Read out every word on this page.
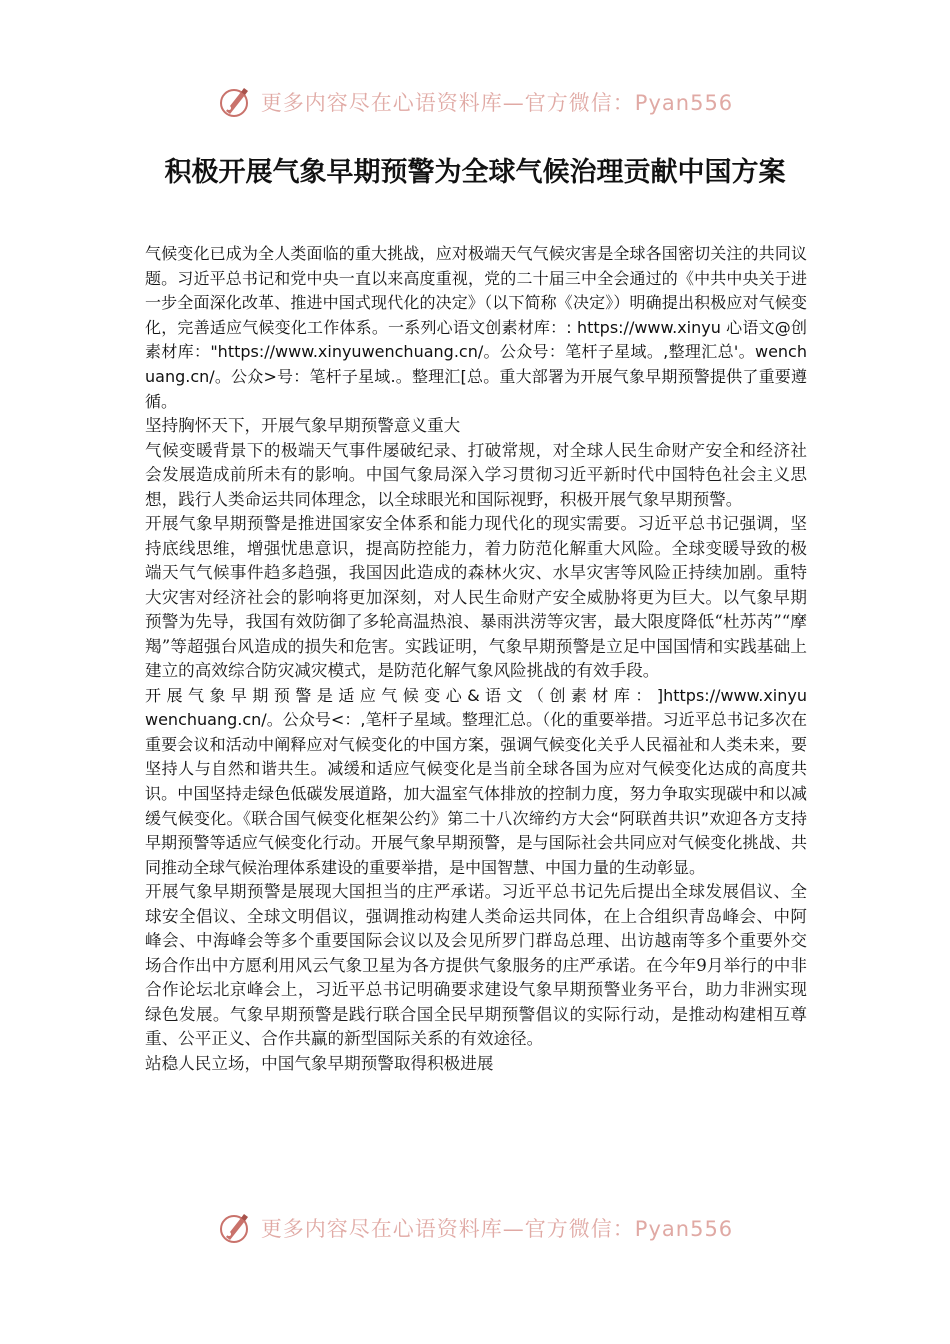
更多内容尽在心语资料库—官方微信：Pyan556
积极开展气象早期预警为全球气候治理贡献中国方案

气候变化已成为全人类面临的重大挑战，应对极端天气气候灾害是全球各国密切关注的共同议题。习近平总书记和党中央一直以来高度重视，党的二十届三中全会通过的《中共中央关于进一步全面深化改革、推进中国式现代化的决定》（以下简称《决定》）明确提出积极应对气候变化，完善适应气候变化工作体系。一系列心语文创素材库：: https://www.xinyu 心语文@创素材库："https://www.xinyuwenchuang.cn/。公众号：笔杆子星域。,整理汇总'。wenchuang.cn/。公众>号：笔杆子星域.。整理汇[总。重大部署为开展气象早期预警提供了重要遵循。

坚持胸怀天下，开展气象早期预警意义重大

气候变暖背景下的极端天气事件屡破纪录、打破常规，对全球人民生命财产安全和经济社会发展造成前所未有的影响。中国气象局深入学习贯彻习近平新时代中国特色社会主义思想，践行人类命运共同体理念，以全球眼光和国际视野，积极开展气象早期预警。

开展气象早期预警是推进国家安全体系和能力现代化的现实需要。习近平总书记强调，坚持底线思维，增强忧患意识，提高防控能力，着力防范化解重大风险。全球变暖导致的极端天气气候事件趋多趋强，我国因此造成的森林火灾、水旱灾害等风险正持续加剧。重特大灾害对经济社会的影响将更加深刻，对人民生命财产安全威胁将更为巨大。以气象早期预警为先导，我国有效防御了多轮高温热浪、暴雨洪涝等灾害，最大限度降低“杜苏芮”“摩羯”等超强台风造成的损失和危害。实践证明，气象早期预警是立足中国国情和实践基础上建立的高效综合防灾减灾模式，是防范化解气象风险挑战的有效手段。

开 展 气 象 早 期 预 警 是 适 应 气 候 变 心 & 语 文 （ 创 素 材 库 ： ]https://www.xinyuwenchuang.cn/。公众号<：,笔杆子星域。整理汇总。（化的重要举措。习近平总书记多次在重要会议和活动中阐释应对气候变化的中国方案，强调气候变化关乎人民福祉和人类未来，要坚持人与自然和谐共生。减缓和适应气候变化是当前全球各国为应对气候变化达成的高度共识。中国坚持走绿色低碳发展道路，加大温室气体排放的控制力度，努力争取实现碳中和以减缓气候变化。《联合国气候变化框架公约》第二十八次缔约方大会“阿联酋共识”欢迎各方支持早期预警等适应气候变化行动。开展气象早期预警，是与国际社会共同应对气候变化挑战、共同推动全球气候治理体系建设的重要举措，是中国智慧、中国力量的生动彰显。

开展气象早期预警是展现大国担当的庄严承诺。习近平总书记先后提出全球发展倡议、全球安全倡议、全球文明倡议，强调推动构建人类命运共同体，在上合组织青岛峰会、中阿峰会、中海峰会等多个重要国际会议以及会见所罗门群岛总理、出访越南等多个重要外交场合作出中方愿利用风云气象卫星为各方提供气象服务的庄严承诺。在今年9月举行的中非合作论坛北京峰会上，习近平总书记明确要求建设气象早期预警业务平台，助力非洲实现绿色发展。气象早期预警是践行联合国全民早期预警倡议的实际行动，是推动构建相互尊重、公平正义、合作共赢的新型国际关系的有效途径。

站稳人民立场，中国气象早期预警取得积极进展

更多内容尽在心语资料库—官方微信：Pyan556
